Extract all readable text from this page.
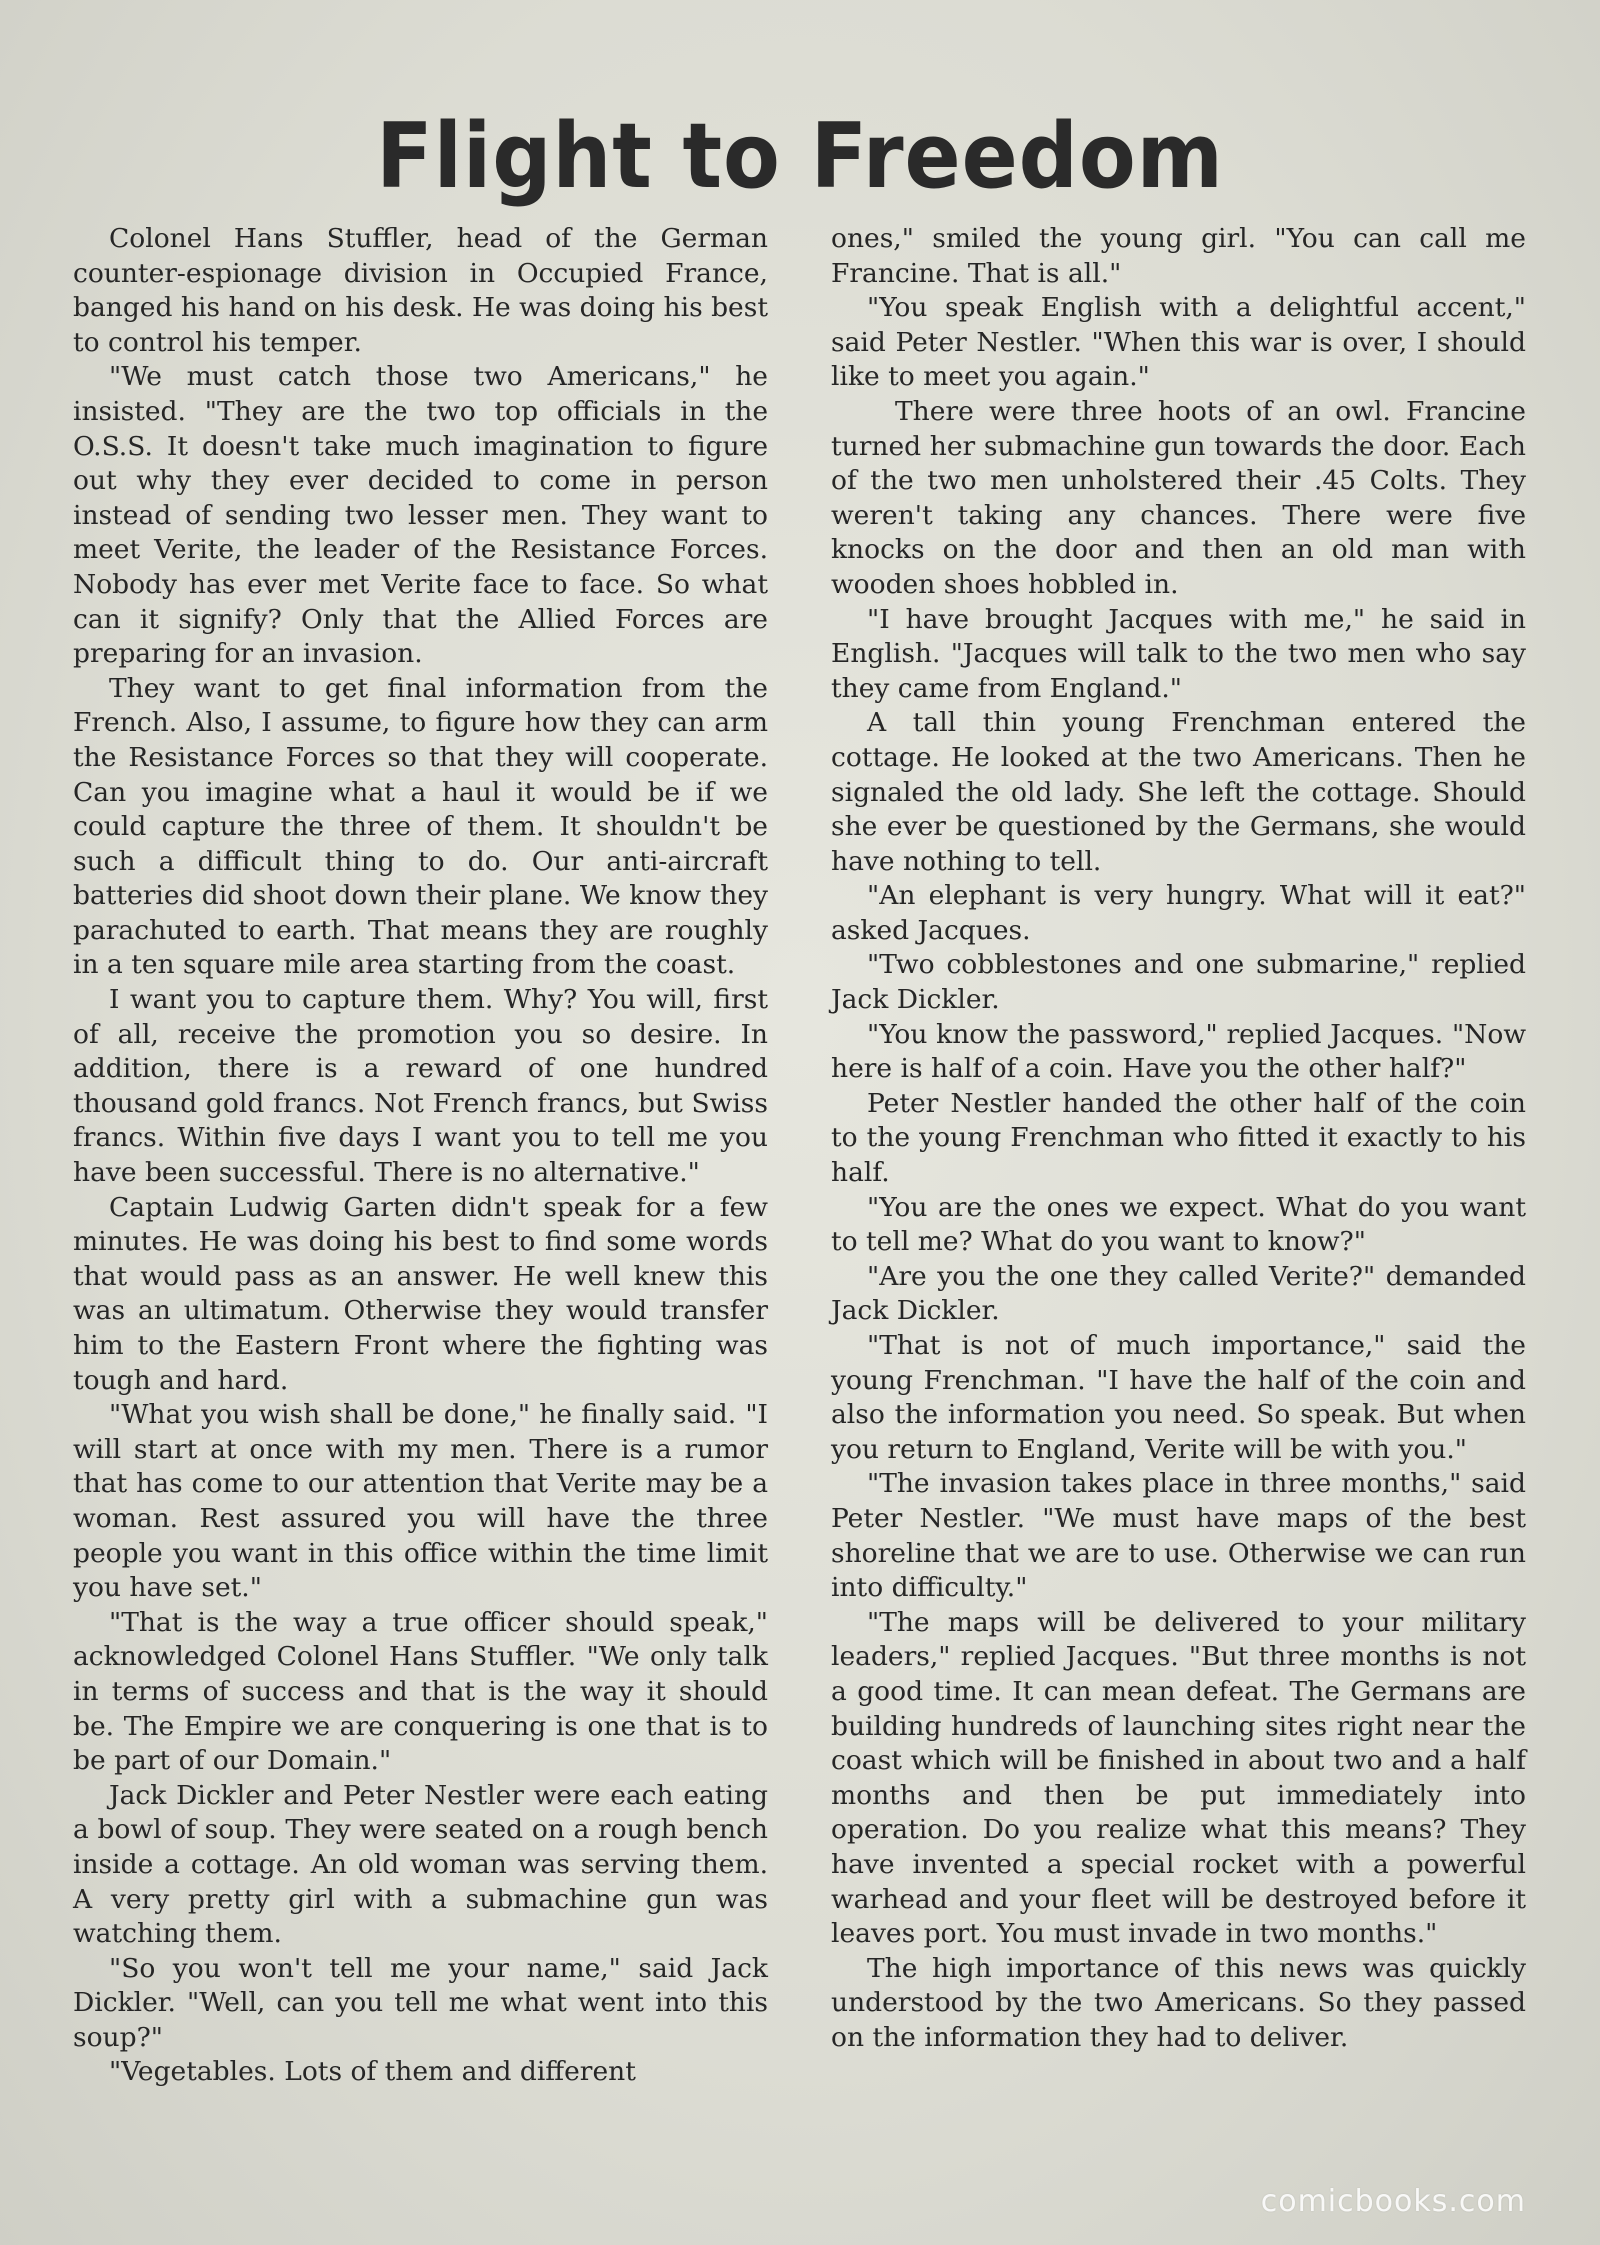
Flight to Freedom

Colonel Hans Stuffler, head of the German counter-espionage division in Occupied France, banged his hand on his desk. He was doing his best to control his temper.

"We must catch those two Americans," he insisted. "They are the two top officials in the O.S.S. It doesn't take much imagination to figure out why they ever decided to come in person instead of sending two lesser men. They want to meet Verite, the leader of the Resistance Forces. Nobody has ever met Verite face to face. So what can it signify? Only that the Allied Forces are preparing for an invasion.

They want to get final information from the French. Also, I assume, to figure how they can arm the Resistance Forces so that they will cooperate. Can you imagine what a haul it would be if we could capture the three of them. It shouldn't be such a difficult thing to do. Our anti-aircraft batteries did shoot down their plane. We know they parachuted to earth. That means they are roughly in a ten square mile area starting from the coast.

I want you to capture them. Why? You will, first of all, receive the promotion you so desire. In addition, there is a reward of one hundred thousand gold francs. Not French francs, but Swiss francs. Within five days I want you to tell me you have been successful. There is no alternative."

Captain Ludwig Garten didn't speak for a few minutes. He was doing his best to find some words that would pass as an answer. He well knew this was an ultimatum. Otherwise they would transfer him to the Eastern Front where the fighting was tough and hard.

"What you wish shall be done," he finally said. "I will start at once with my men. There is a rumor that has come to our attention that Verite may be a woman. Rest assured you will have the three people you want in this office within the time limit you have set."

"That is the way a true officer should speak," acknowledged Colonel Hans Stuffler. "We only talk in terms of success and that is the way it should be. The Empire we are conquering is one that is to be part of our Domain."

Jack Dickler and Peter Nestler were each eating a bowl of soup. They were seated on a rough bench inside a cottage. An old woman was serving them. A very pretty girl with a submachine gun was watching them.

"So you won't tell me your name," said Jack Dickler. "Well, can you tell me what went into this soup?"

"Vegetables. Lots of them and different

ones," smiled the young girl. "You can call me Francine. That is all."

"You speak English with a delightful accent," said Peter Nestler. "When this war is over, I should like to meet you again."

There were three hoots of an owl. Francine turned her submachine gun towards the door. Each of the two men unholstered their .45 Colts. They weren't taking any chances. There were five knocks on the door and then an old man with wooden shoes hobbled in.

"I have brought Jacques with me," he said in English. "Jacques will talk to the two men who say they came from England."

A tall thin young Frenchman entered the cottage. He looked at the two Americans. Then he signaled the old lady. She left the cottage. Should she ever be questioned by the Germans, she would have nothing to tell.

"An elephant is very hungry. What will it eat?" asked Jacques.

"Two cobblestones and one submarine," replied Jack Dickler.

"You know the password," replied Jacques. "Now here is half of a coin. Have you the other half?"

Peter Nestler handed the other half of the coin to the young Frenchman who fitted it exactly to his half.

"You are the ones we expect. What do you want to tell me? What do you want to know?"

"Are you the one they called Verite?" demanded Jack Dickler.

"That is not of much importance," said the young Frenchman. "I have the half of the coin and also the information you need. So speak. But when you return to England, Verite will be with you."

"The invasion takes place in three months," said Peter Nestler. "We must have maps of the best shoreline that we are to use. Otherwise we can run into difficulty."

"The maps will be delivered to your military leaders," replied Jacques. "But three months is not a good time. It can mean defeat. The Germans are building hundreds of launching sites right near the coast which will be finished in about two and a half months and then be put immediately into operation. Do you realize what this means? They have invented a special rocket with a powerful warhead and your fleet will be destroyed before it leaves port. You must invade in two months."

The high importance of this news was quickly understood by the two Americans. So they passed on the information they had to deliver.

comicbooks.com
